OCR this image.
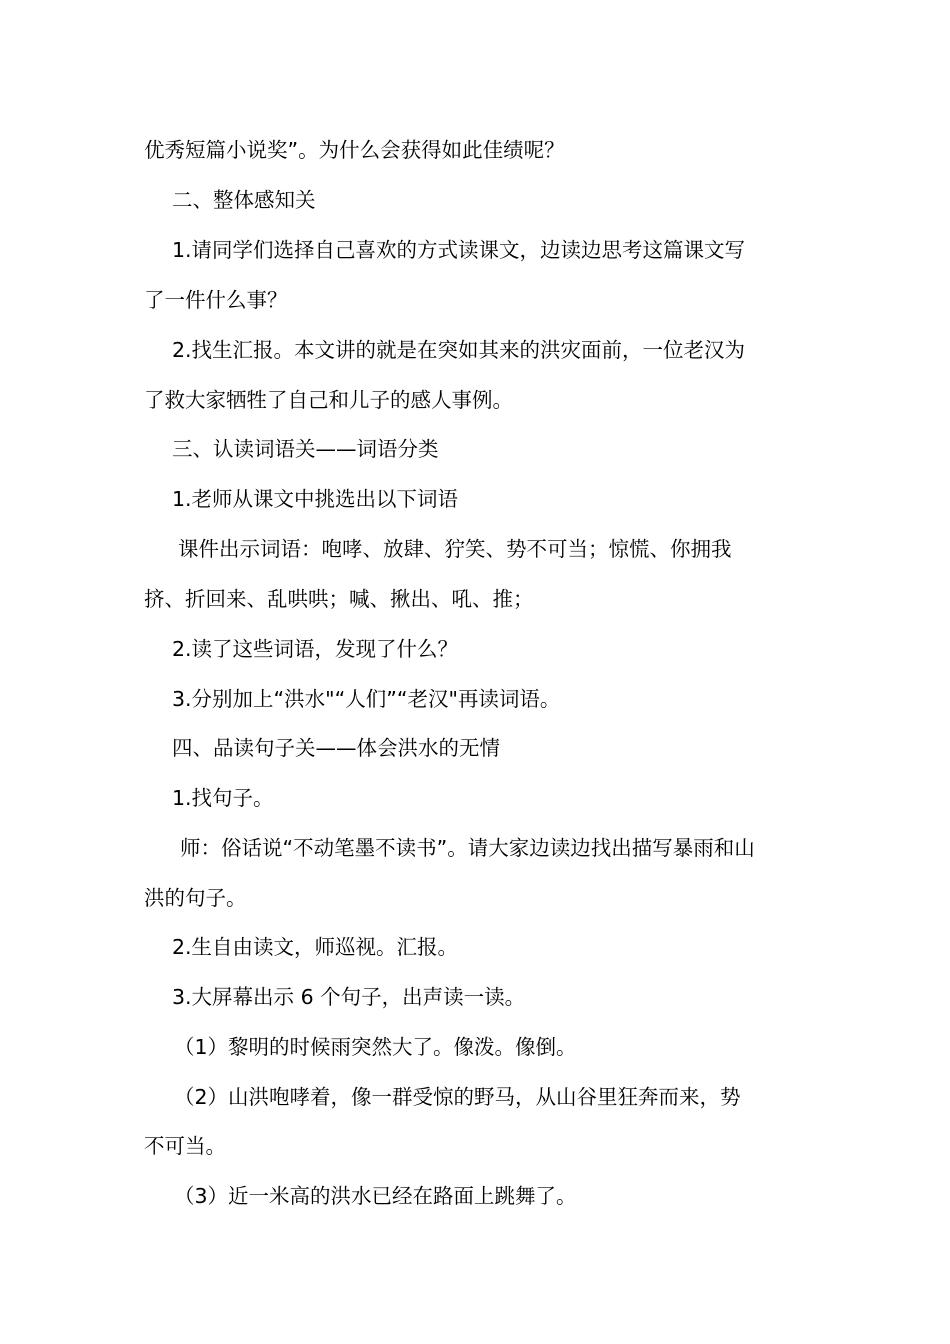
优秀短篇小说奖”。为什么会获得如此佳绩呢？
二、整体感知关
1.请同学们选择自己喜欢的方式读课文，边读边思考这篇课文写
了一件什么事？
2.找生汇报。本文讲的就是在突如其来的洪灾面前，一位老汉为
了救大家牺牲了自己和儿子的感人事例。
三、认读词语关——词语分类
1.老师从课文中挑选出以下词语
课件出示词语：咆哮、放肆、狞笑、势不可当；惊慌、你拥我
挤、折回来、乱哄哄；喊、揪出、吼、推；
2.读了这些词语，发现了什么？
3.分别加上“洪水"“人们”“老汉"再读词语。
四、品读句子关——体会洪水的无情
1.找句子。
师：俗话说“不动笔墨不读书”。请大家边读边找出描写暴雨和山
洪的句子。
2.生自由读文，师巡视。汇报。
3.大屏幕出示 6 个句子，出声读一读。
（1）黎明的时候雨突然大了。像泼。像倒。
（2）山洪咆哮着，像一群受惊的野马，从山谷里狂奔而来，势
不可当。
（3）近一米高的洪水已经在路面上跳舞了。
